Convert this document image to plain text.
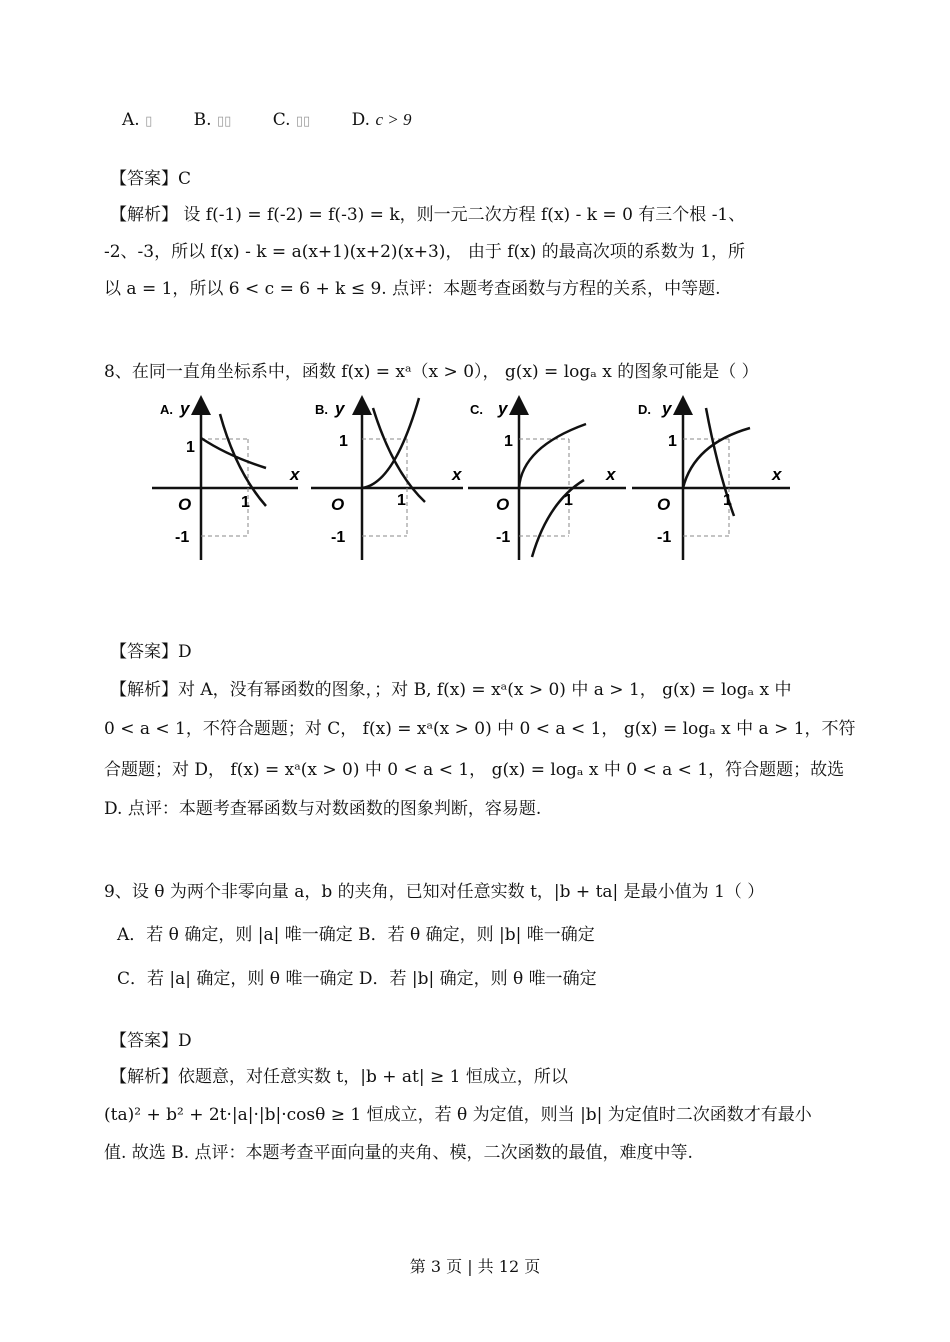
A. ▯ B. ▯▯ C. ▯▯ D. c > 9
【答案】C
【解析】 设 f(-1) = f(-2) = f(-3) = k，则一元二次方程 f(x) - k = 0 有三个根 -1、
-2、-3，所以 f(x) - k = a(x+1)(x+2)(x+3)， 由于 f(x) 的最高次项的系数为 1，所
以 a = 1，所以 6 < c = 6 + k ≤ 9. 点评：本题考查函数与方程的关系，中等题.
8、在同一直角坐标系中，函数 f(x) = xᵃ（x > 0）， g(x) = logₐ x 的图象可能是（ ）
A. y
x
1
O
-1
1
B. y
x
1
O
-1
1
C. y
x
1
O
-1
1
D. y
x
1
O
-1
1
【答案】D
【解析】对 A，没有幂函数的图象，；对 B, f(x) = xᵃ(x > 0) 中 a > 1， g(x) = logₐ x 中
0 < a < 1，不符合题题；对 C， f(x) = xᵃ(x > 0) 中 0 < a < 1， g(x) = logₐ x 中 a > 1，不符
合题题；对 D， f(x) = xᵃ(x > 0) 中 0 < a < 1， g(x) = logₐ x 中 0 < a < 1，符合题题；故选
D. 点评：本题考查幂函数与对数函数的图象判断，容易题.
9、设 θ 为两个非零向量 a，b 的夹角，已知对任意实数 t，|b + ta| 是最小值为 1（ ）
A．若 θ 确定，则 |a| 唯一确定 B．若 θ 确定，则 |b| 唯一确定
C．若 |a| 确定，则 θ 唯一确定 D．若 |b| 确定，则 θ 唯一确定
【答案】D
【解析】依题意，对任意实数 t，|b + at| ≥ 1 恒成立，所以
(ta)² + b² + 2t·|a|·|b|·cosθ ≥ 1 恒成立，若 θ 为定值，则当 |b| 为定值时二次函数才有最小
值. 故选 B. 点评：本题考查平面向量的夹角、模，二次函数的最值，难度中等.
第 3 页 | 共 12 页
